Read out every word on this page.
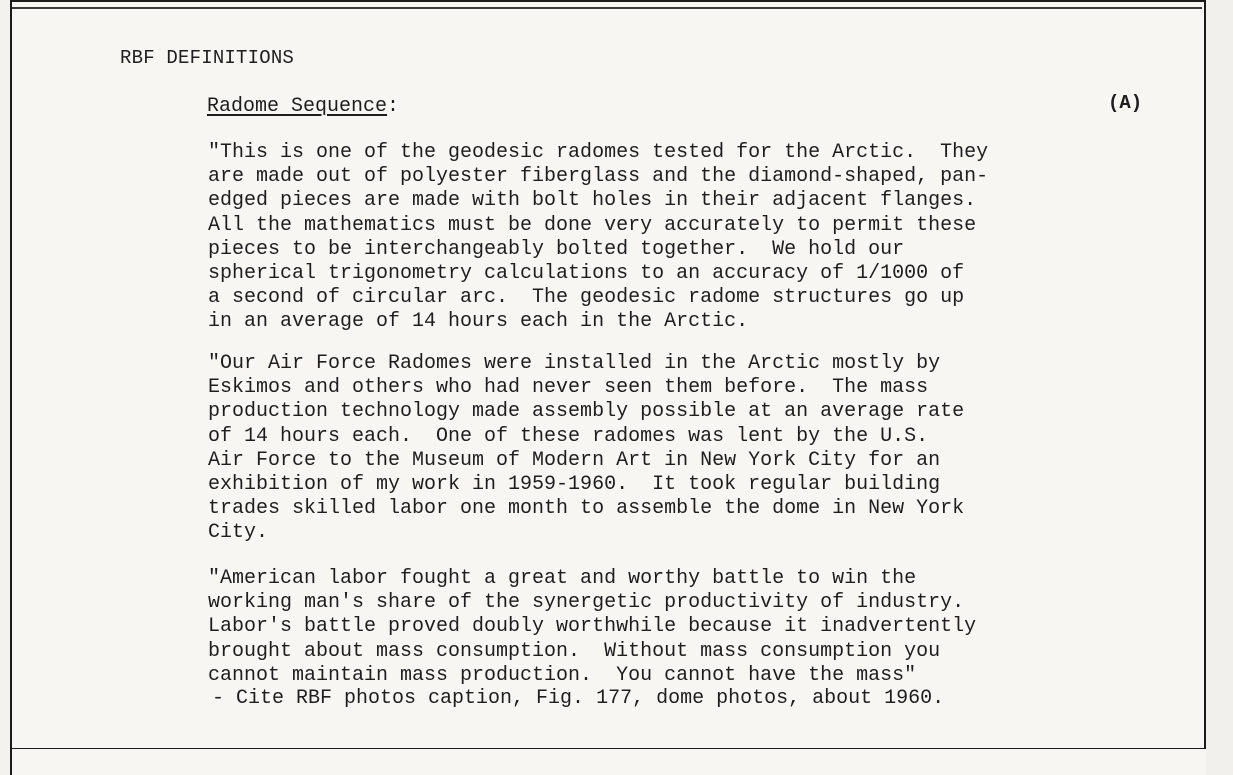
RBF DEFINITIONS
Radome Sequence:	(A)
"This is one of the geodesic radomes tested for the Arctic.  They
are made out of polyester fiberglass and the diamond-shaped, pan-
edged pieces are made with bolt holes in their adjacent flanges.
All the mathematics must be done very accurately to permit these
pieces to be interchangeably bolted together.  We hold our
spherical trigonometry calculations to an accuracy of 1/1000 of
a second of circular arc.  The geodesic radome structures go up
in an average of 14 hours each in the Arctic.
"Our Air Force Radomes were installed in the Arctic mostly by
Eskimos and others who had never seen them before.  The mass
production technology made assembly possible at an average rate
of 14 hours each.  One of these radomes was lent by the U.S.
Air Force to the Museum of Modern Art in New York City for an
exhibition of my work in 1959-1960.  It took regular building
trades skilled labor one month to assemble the dome in New York
City.
"American labor fought a great and worthy battle to win the
working man's share of the synergetic productivity of industry.
Labor's battle proved doubly worthwhile because it inadvertently
brought about mass consumption.  Without mass consumption you
cannot maintain mass production.  You cannot have the mass"
- Cite RBF photos caption, Fig. 177, dome photos, about 1960.
